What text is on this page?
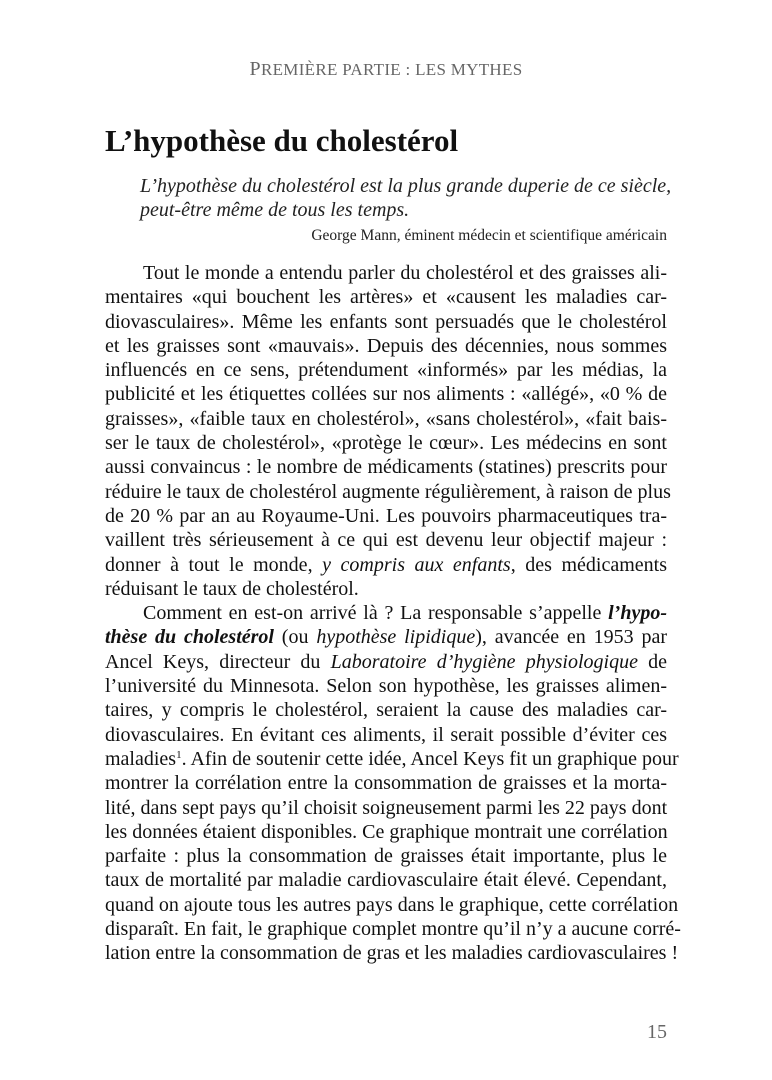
PREMIÈRE PARTIE : LES MYTHES
L’hypothèse du cholestérol
L’hypothèse du cholestérol est la plus grande duperie de ce siècle,
peut-être même de tous les temps.
George Mann, éminent médecin et scientifique américain
Tout le monde a entendu parler du cholestérol et des graisses ali-
mentaires «qui bouchent les artères» et «causent les maladies car-
diovasculaires». Même les enfants sont persuadés que le cholestérol
et les graisses sont «mauvais». Depuis des décennies, nous sommes
influencés en ce sens, prétendument «informés» par les médias, la
publicité et les étiquettes collées sur nos aliments : «allégé», «0 % de
graisses», «faible taux en cholestérol», «sans cholestérol», «fait bais-
ser le taux de cholestérol», «protège le cœur». Les médecins en sont
aussi convaincus : le nombre de médicaments (statines) prescrits pour
réduire le taux de cholestérol augmente régulièrement, à raison de plus
de 20 % par an au Royaume-Uni. Les pouvoirs pharmaceutiques tra-
vaillent très sérieusement à ce qui est devenu leur objectif majeur :
donner à tout le monde, y compris aux enfants, des médicaments
réduisant le taux de cholestérol.
Comment en est-on arrivé là ? La responsable s’appelle l’hypo-
thèse du cholestérol (ou hypothèse lipidique), avancée en 1953 par
Ancel Keys, directeur du Laboratoire d’hygiène physiologique de
l’université du Minnesota. Selon son hypothèse, les graisses alimen-
taires, y compris le cholestérol, seraient la cause des maladies car-
diovasculaires. En évitant ces aliments, il serait possible d’éviter ces
maladies$^1$. Afin de soutenir cette idée, Ancel Keys fit un graphique pour
montrer la corrélation entre la consommation de graisses et la morta-
lité, dans sept pays qu’il choisit soigneusement parmi les 22 pays dont
les données étaient disponibles. Ce graphique montrait une corrélation
parfaite : plus la consommation de graisses était importante, plus le
taux de mortalité par maladie cardiovasculaire était élevé. Cependant,
quand on ajoute tous les autres pays dans le graphique, cette corrélation
disparaît. En fait, le graphique complet montre qu’il n’y a aucune corré-
lation entre la consommation de gras et les maladies cardiovasculaires !
15
